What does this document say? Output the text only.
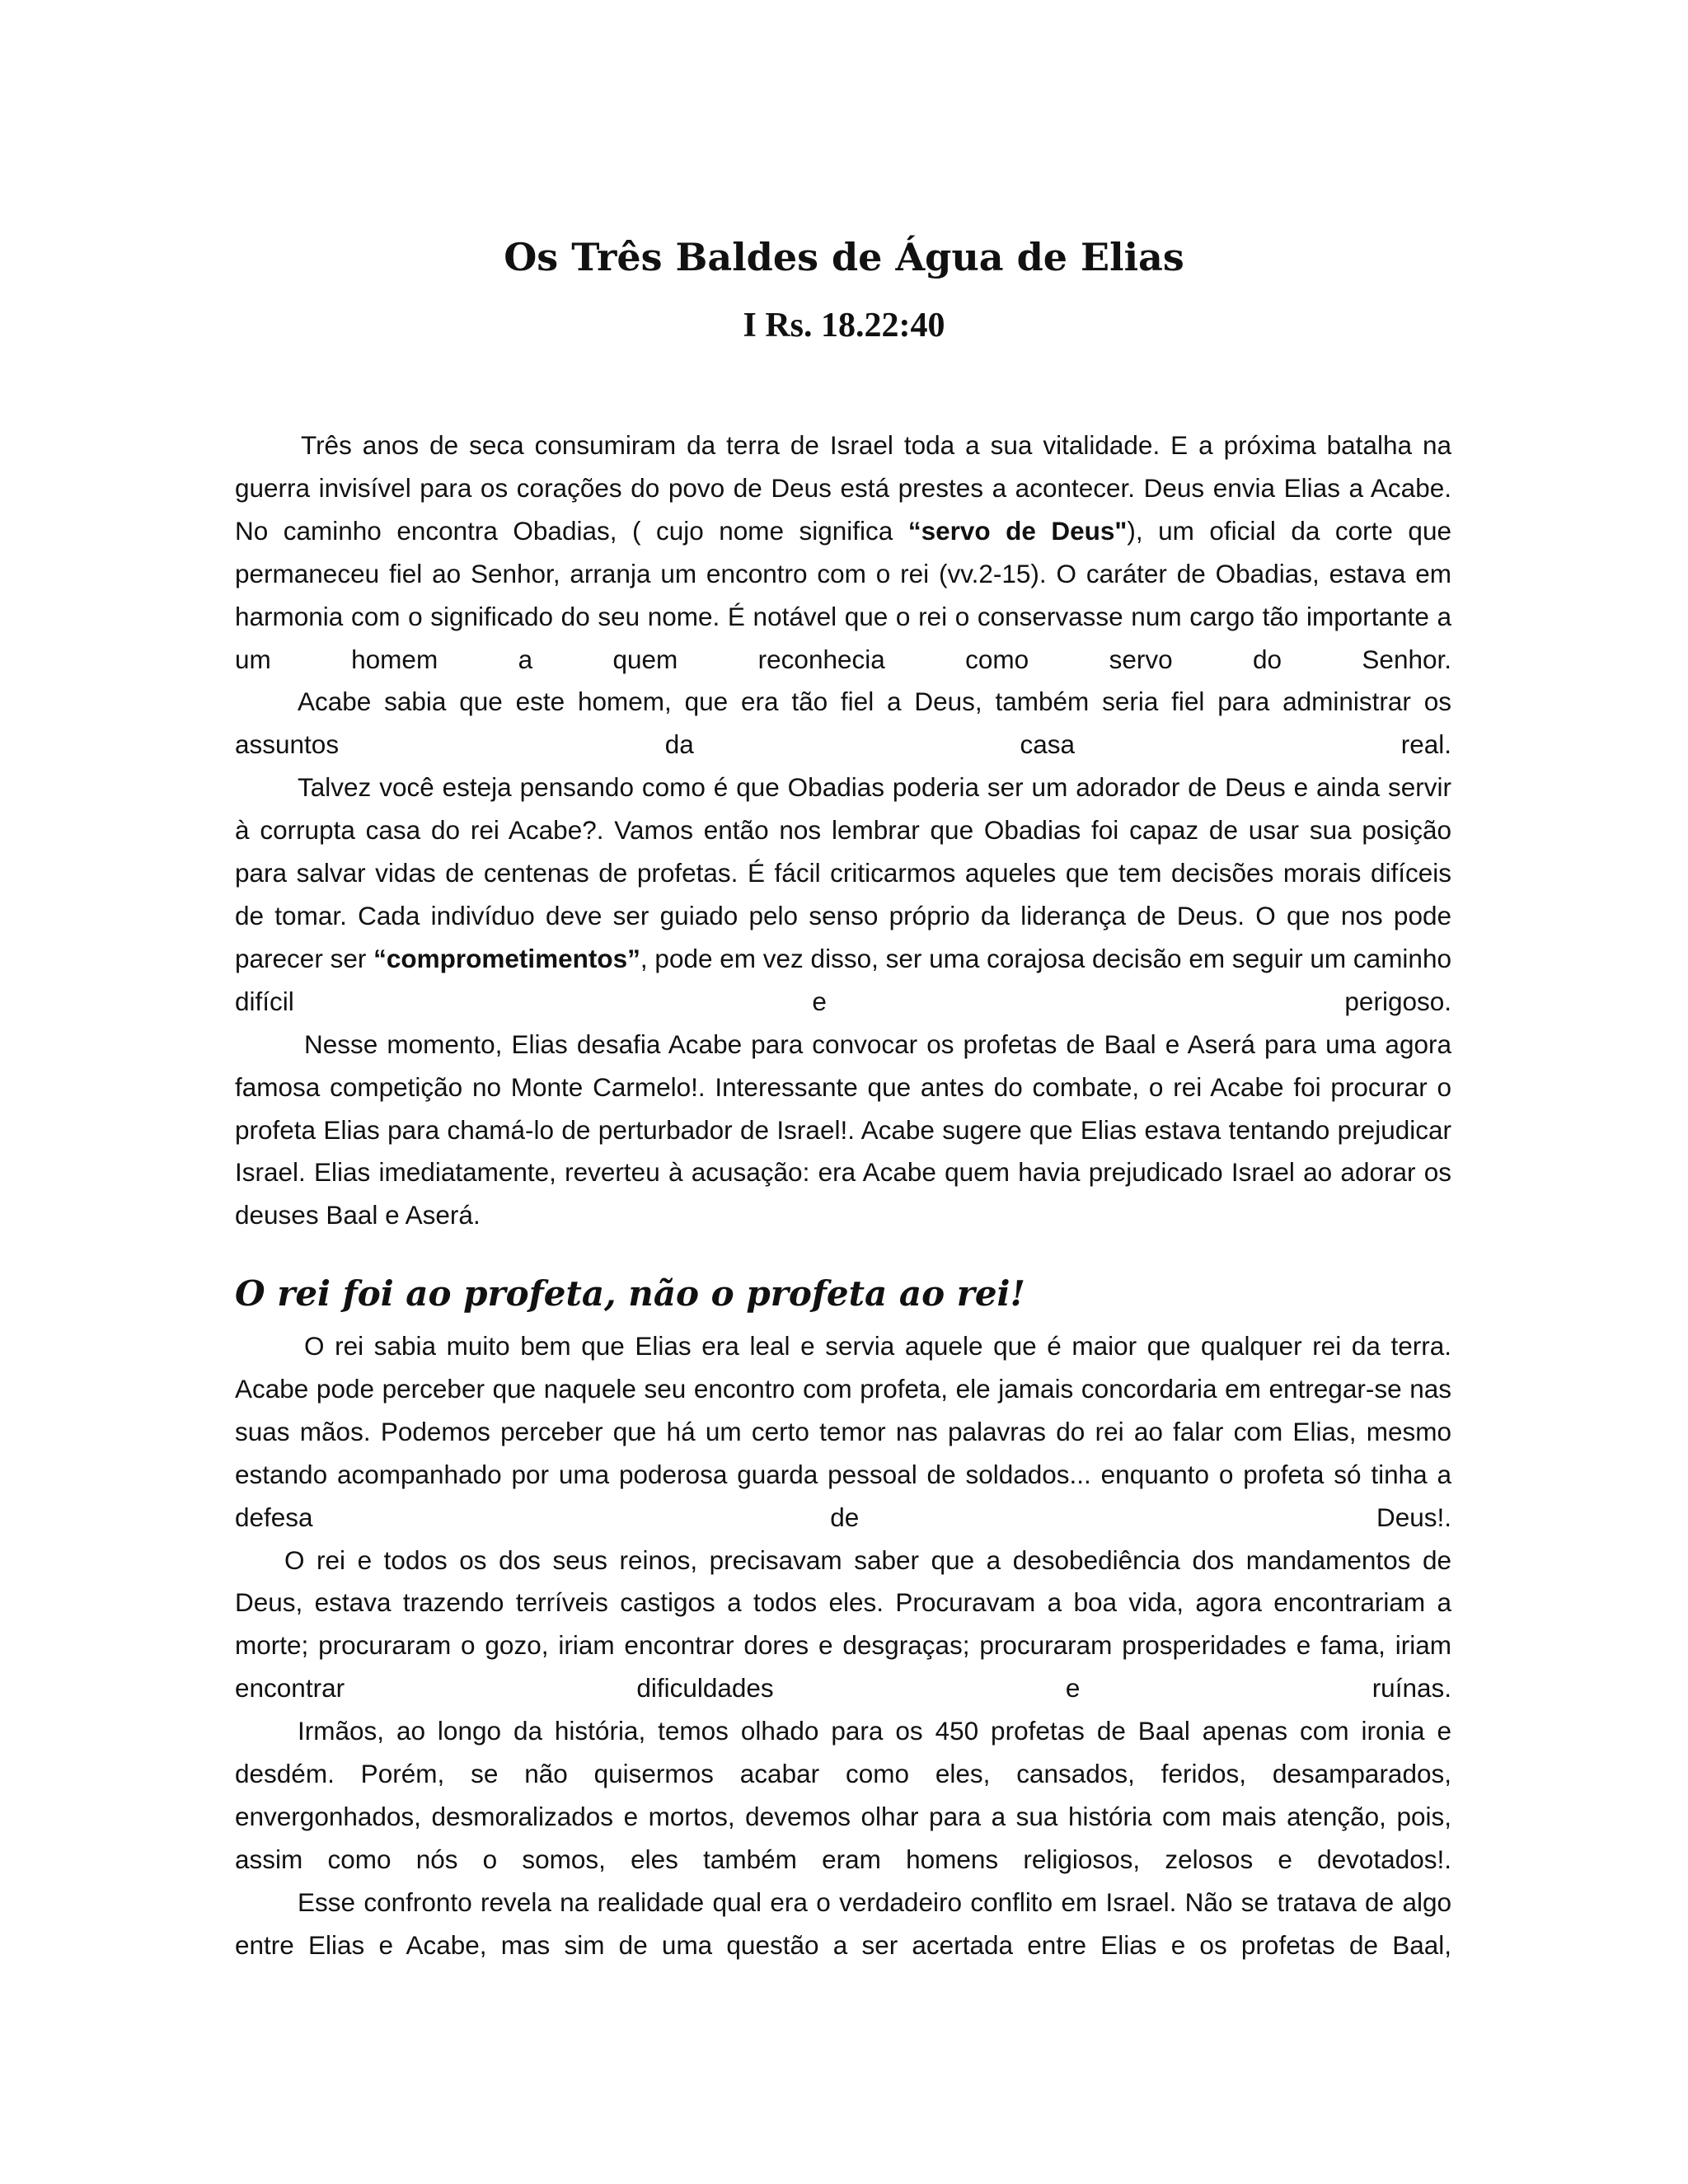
Os Três Baldes de Água de Elias
I Rs. 18.22:40

Três anos de seca consumiram da terra de Israel toda a sua vitalidade. E a próxima batalha na guerra invisível para os corações do povo de Deus está prestes a acontecer. Deus envia Elias a Acabe. No caminho encontra Obadias, ( cujo nome significa “servo de Deus"), um oficial da corte que permaneceu fiel ao Senhor, arranja um encontro com o rei (vv.2-15). O caráter de Obadias, estava em harmonia com o significado do seu nome. É notável que o rei o conservasse num cargo tão importante a um homem a quem reconhecia como servo do Senhor.

Acabe sabia que este homem, que era tão fiel a Deus, também seria fiel para administrar os assuntos da casa real.

Talvez você esteja pensando como é que Obadias poderia ser um adorador de Deus e ainda servir à corrupta casa do rei Acabe?. Vamos então nos lembrar que Obadias foi capaz de usar sua posição para salvar vidas de centenas de profetas. É fácil criticarmos aqueles que tem decisões morais difíceis de tomar. Cada indivíduo deve ser guiado pelo senso próprio da liderança de Deus. O que nos pode parecer ser “comprometimentos”, pode em vez disso, ser uma corajosa decisão em seguir um caminho difícil e perigoso.

Nesse momento, Elias desafia Acabe para convocar os profetas de Baal e Aserá para uma agora famosa competição no Monte Carmelo!. Interessante que antes do combate, o rei Acabe foi procurar o profeta Elias para chamá-lo de perturbador de Israel!. Acabe sugere que Elias estava tentando prejudicar Israel. Elias imediatamente, reverteu à acusação: era Acabe quem havia prejudicado Israel ao adorar os deuses Baal e Aserá.

O rei foi ao profeta, não o profeta ao rei!

O rei sabia muito bem que Elias era leal e servia aquele que é maior que qualquer rei da terra. Acabe pode perceber que naquele seu encontro com profeta, ele jamais concordaria em entregar-se nas suas mãos. Podemos perceber que há um certo temor nas palavras do rei ao falar com Elias, mesmo estando acompanhado por uma poderosa guarda pessoal de soldados... enquanto o profeta só tinha a defesa de Deus!.

O rei e todos os dos seus reinos, precisavam saber que a desobediência dos mandamentos de Deus, estava trazendo terríveis castigos a todos eles. Procuravam a boa vida, agora encontrariam a morte; procuraram o gozo, iriam encontrar dores e desgraças; procuraram prosperidades e fama, iriam encontrar dificuldades e ruínas.

Irmãos, ao longo da história, temos olhado para os 450 profetas de Baal apenas com ironia e desdém. Porém, se não quisermos acabar como eles, cansados, feridos, desamparados, envergonhados, desmoralizados e mortos, devemos olhar para a sua história com mais atenção, pois, assim como nós o somos, eles também eram homens religiosos, zelosos e devotados!.

Esse confronto revela na realidade qual era o verdadeiro conflito em Israel. Não se tratava de algo entre Elias e Acabe, mas sim de uma questão a ser acertada entre Elias e os profetas de Baal,
